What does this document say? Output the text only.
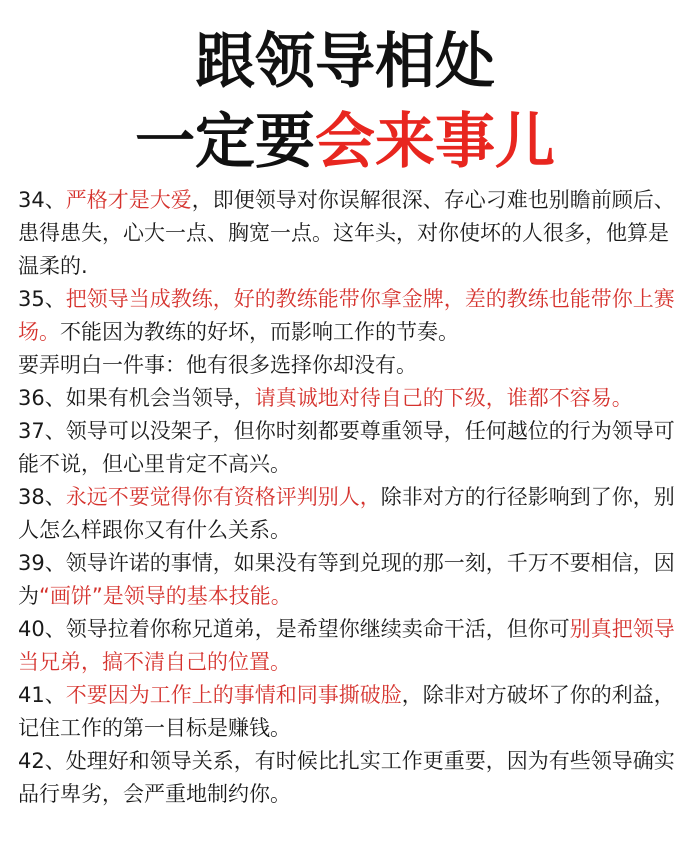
跟领导相处
一定要会来事儿

34、严格才是大爱，即便领导对你误解很深、存心刁难也别瞻前顾后、患得患失，心大一点、胸宽一点。这年头，对你使坏的人很多，他算是温柔的.

35、把领导当成教练，好的教练能带你拿金牌，差的教练也能带你上赛场。不能因为教练的好坏，而影响工作的节奏。

要弄明白一件事：他有很多选择你却没有。

36、如果有机会当领导，请真诚地对待自己的下级，谁都不容易。

37、领导可以没架子，但你时刻都要尊重领导，任何越位的行为领导可能不说，但心里肯定不高兴。

38、永远不要觉得你有资格评判别人，除非对方的行径影响到了你，别人怎么样跟你又有什么关系。

39、领导许诺的事情，如果没有等到兑现的那一刻，千万不要相信，因为“画饼”是领导的基本技能。

40、领导拉着你称兄道弟，是希望你继续卖命干活，但你可别真把领导当兄弟，搞不清自己的位置。

41、不要因为工作上的事情和同事撕破脸，除非对方破坏了你的利益，记住工作的第一目标是赚钱。

42、处理好和领导关系，有时候比扎实工作更重要，因为有些领导确实品行卑劣，会严重地制约你。
